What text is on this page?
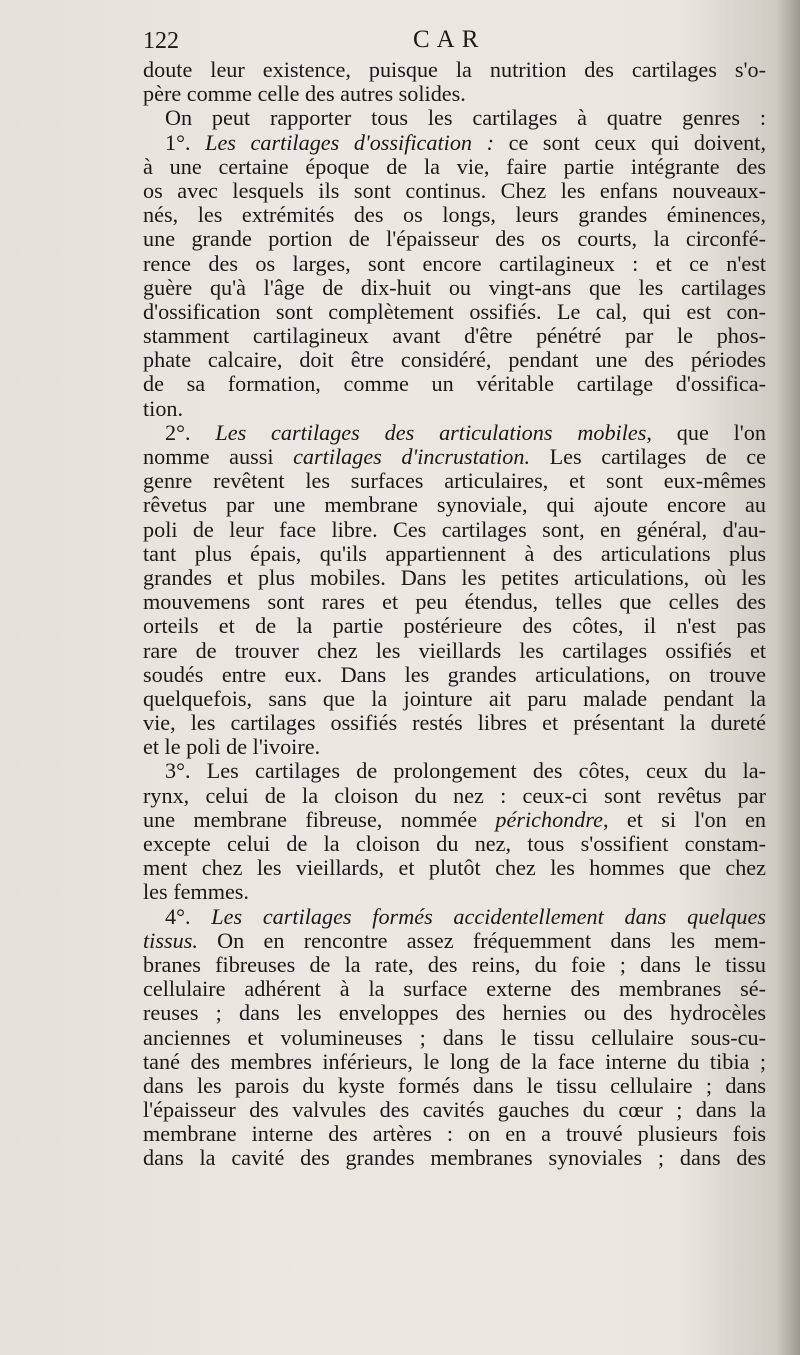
122	CAR
doute leur existence, puisque la nutrition des cartilages s'o-
père comme celle des autres solides.
On peut rapporter tous les cartilages à quatre genres :
1°. Les cartilages d'ossification : ce sont ceux qui doivent,
à une certaine époque de la vie, faire partie intégrante des
os avec lesquels ils sont continus. Chez les enfans nouveaux-
nés, les extrémités des os longs, leurs grandes éminences,
une grande portion de l'épaisseur des os courts, la circonfé-
rence des os larges, sont encore cartilagineux : et ce n'est
guère qu'à l'âge de dix-huit ou vingt-ans que les cartilages
d'ossification sont complètement ossifiés. Le cal, qui est con-
stamment cartilagineux avant d'être pénétré par le phos-
phate calcaire, doit être considéré, pendant une des périodes
de sa formation, comme un véritable cartilage d'ossifica-
tion.
2°. Les cartilages des articulations mobiles, que l'on
nomme aussi cartilages d'incrustation. Les cartilages de ce
genre revêtent les surfaces articulaires, et sont eux-mêmes
rêvetus par une membrane synoviale, qui ajoute encore au
poli de leur face libre. Ces cartilages sont, en général, d'au-
tant plus épais, qu'ils appartiennent à des articulations plus
grandes et plus mobiles. Dans les petites articulations, où les
mouvemens sont rares et peu étendus, telles que celles des
orteils et de la partie postérieure des côtes, il n'est pas
rare de trouver chez les vieillards les cartilages ossifiés et
soudés entre eux. Dans les grandes articulations, on trouve
quelquefois, sans que la jointure ait paru malade pendant la
vie, les cartilages ossifiés restés libres et présentant la dureté
et le poli de l'ivoire.
3°. Les cartilages de prolongement des côtes, ceux du la-
rynx, celui de la cloison du nez : ceux-ci sont revêtus par
une membrane fibreuse, nommée périchondre, et si l'on en
excepte celui de la cloison du nez, tous s'ossifient constam-
ment chez les vieillards, et plutôt chez les hommes que chez
les femmes.
4°. Les cartilages formés accidentellement dans quelques
tissus. On en rencontre assez fréquemment dans les mem-
branes fibreuses de la rate, des reins, du foie ; dans le tissu
cellulaire adhérent à la surface externe des membranes sé-
reuses ; dans les enveloppes des hernies ou des hydrocèles
anciennes et volumineuses ; dans le tissu cellulaire sous-cu-
tané des membres inférieurs, le long de la face interne du tibia ;
dans les parois du kyste formés dans le tissu cellulaire ; dans
l'épaisseur des valvules des cavités gauches du cœur ; dans la
membrane interne des artères : on en a trouvé plusieurs fois
dans la cavité des grandes membranes synoviales ; dans des
